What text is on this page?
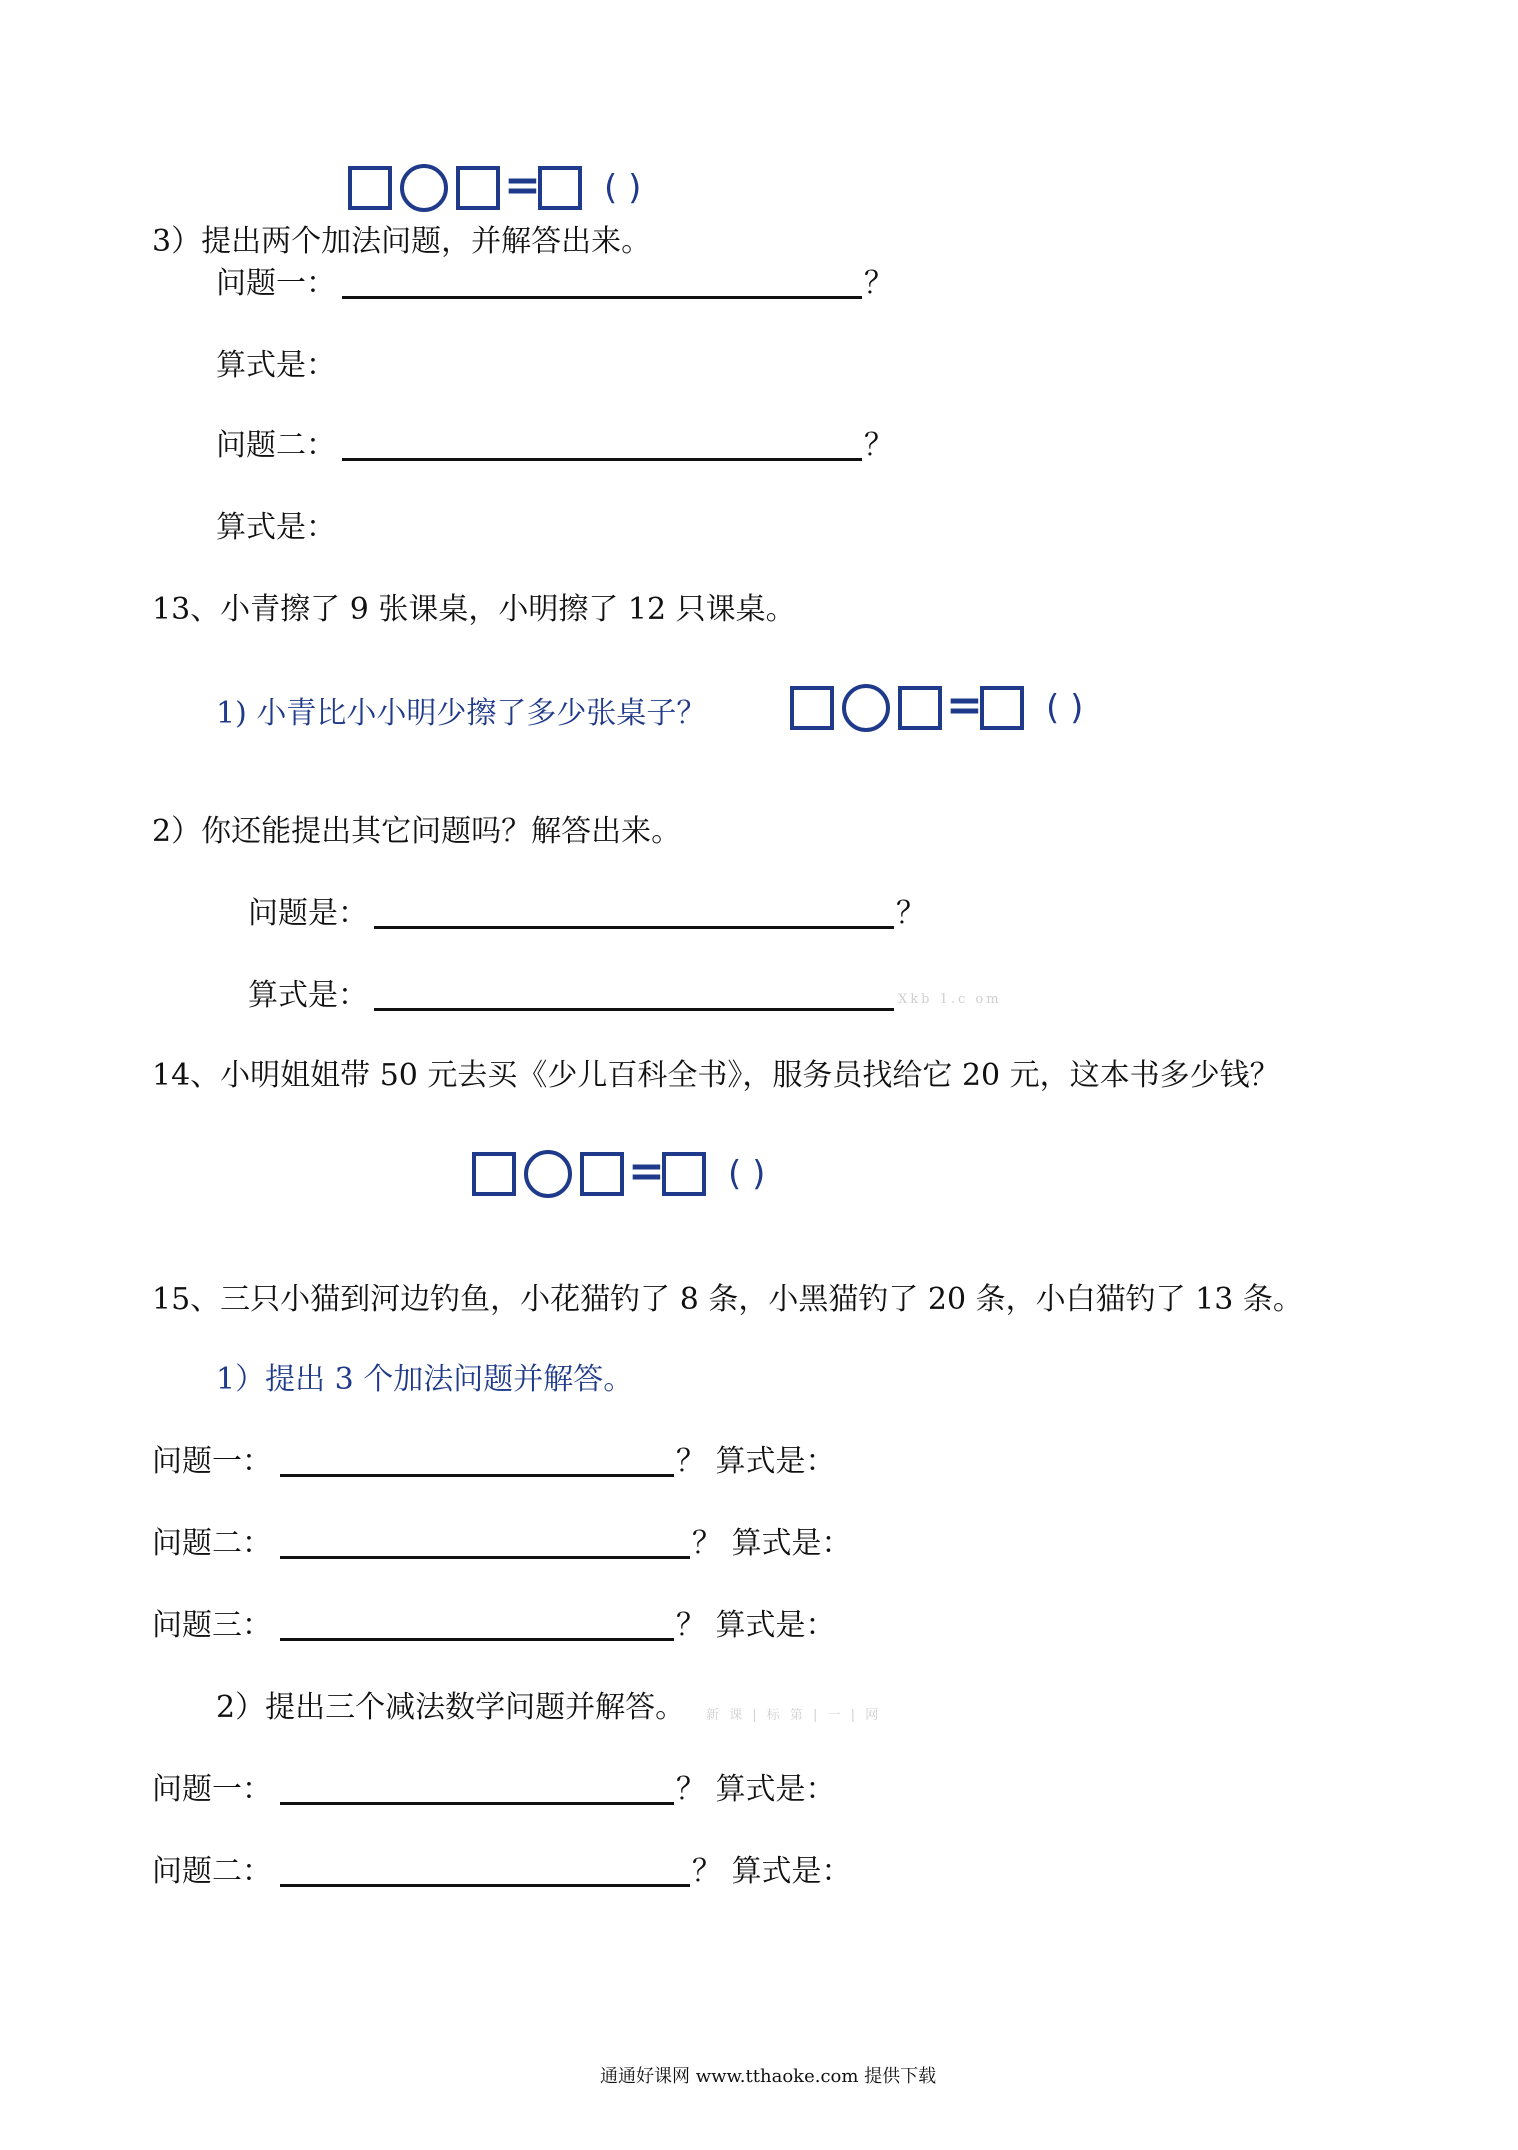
= ( )
3）提出两个加法问题，并解答出来。
问题一：	？
算式是：
问题二：	？
算式是：
13、小青擦了 9 张课桌，小明擦了 12 只课桌。
1) 小青比小小明少擦了多少张桌子？	= ( )
2）你还能提出其它问题吗？解答出来。
问题是：	？
算式是：	Xkb 1.c om
14、小明姐姐带 50 元去买《少儿百科全书》，服务员找给它 20 元，这本书多少钱？
= ( )
15、三只小猫到河边钓鱼，小花猫钓了 8 条，小黑猫钓了 20 条，小白猫钓了 13 条。
1）提出 3 个加法问题并解答。
问题一：	？ 算式是：
问题二：	？ 算式是：
问题三：	？ 算式是：
2）提出三个减法数学问题并解答。 新 课 | 标 第 | 一 | 网
问题一：	？ 算式是：
问题二：	？ 算式是：
通通好课网 www.tthaoke.com 提供下载
